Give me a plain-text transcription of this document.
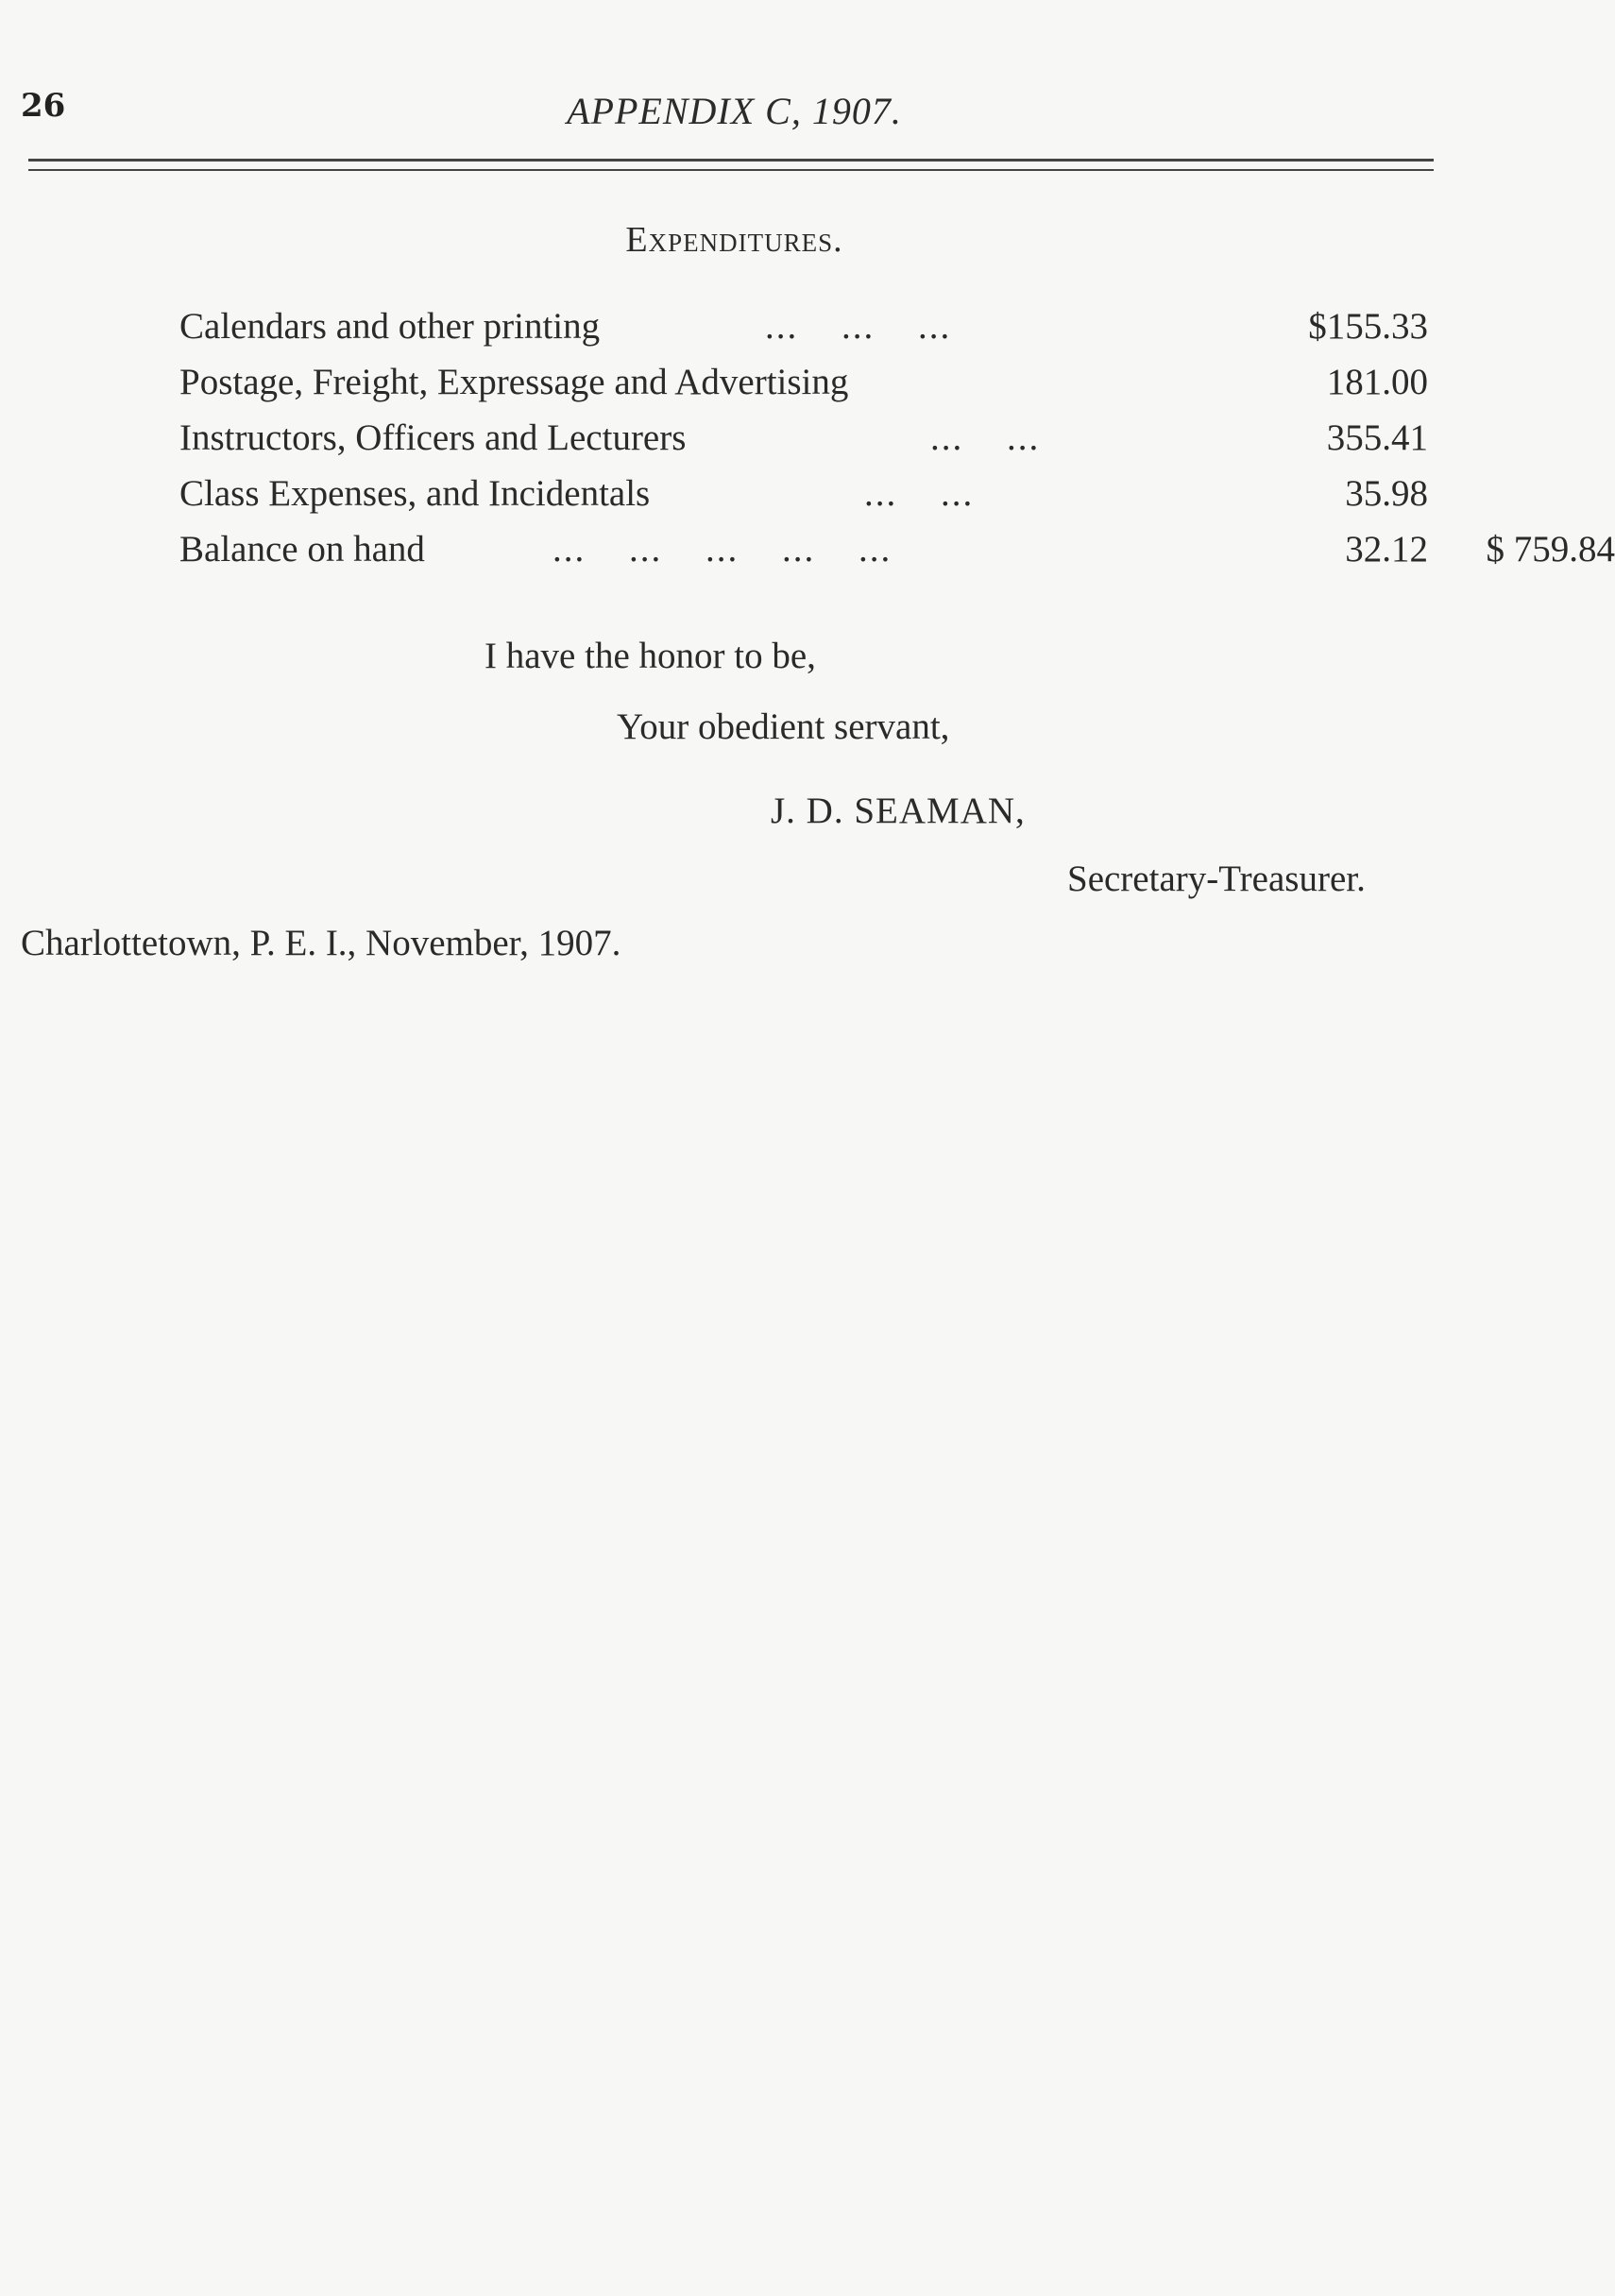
26	APPENDIX C, 1907.
Expenditures.
Calendars and other printing	... ... ...	$155.33
Postage, Freight, Expressage and Advertising	181.00
Instructors, Officers and Lecturers	... ...	355.41
Class Expenses, and Incidentals	... ...	35.98
Balance on hand	... ... ... ... ...	32.12	$ 759.84
I have the honor to be,
Your obedient servant,
J. D. SEAMAN,
Secretary-Treasurer.
Charlottetown, P. E. I., November, 1907.
